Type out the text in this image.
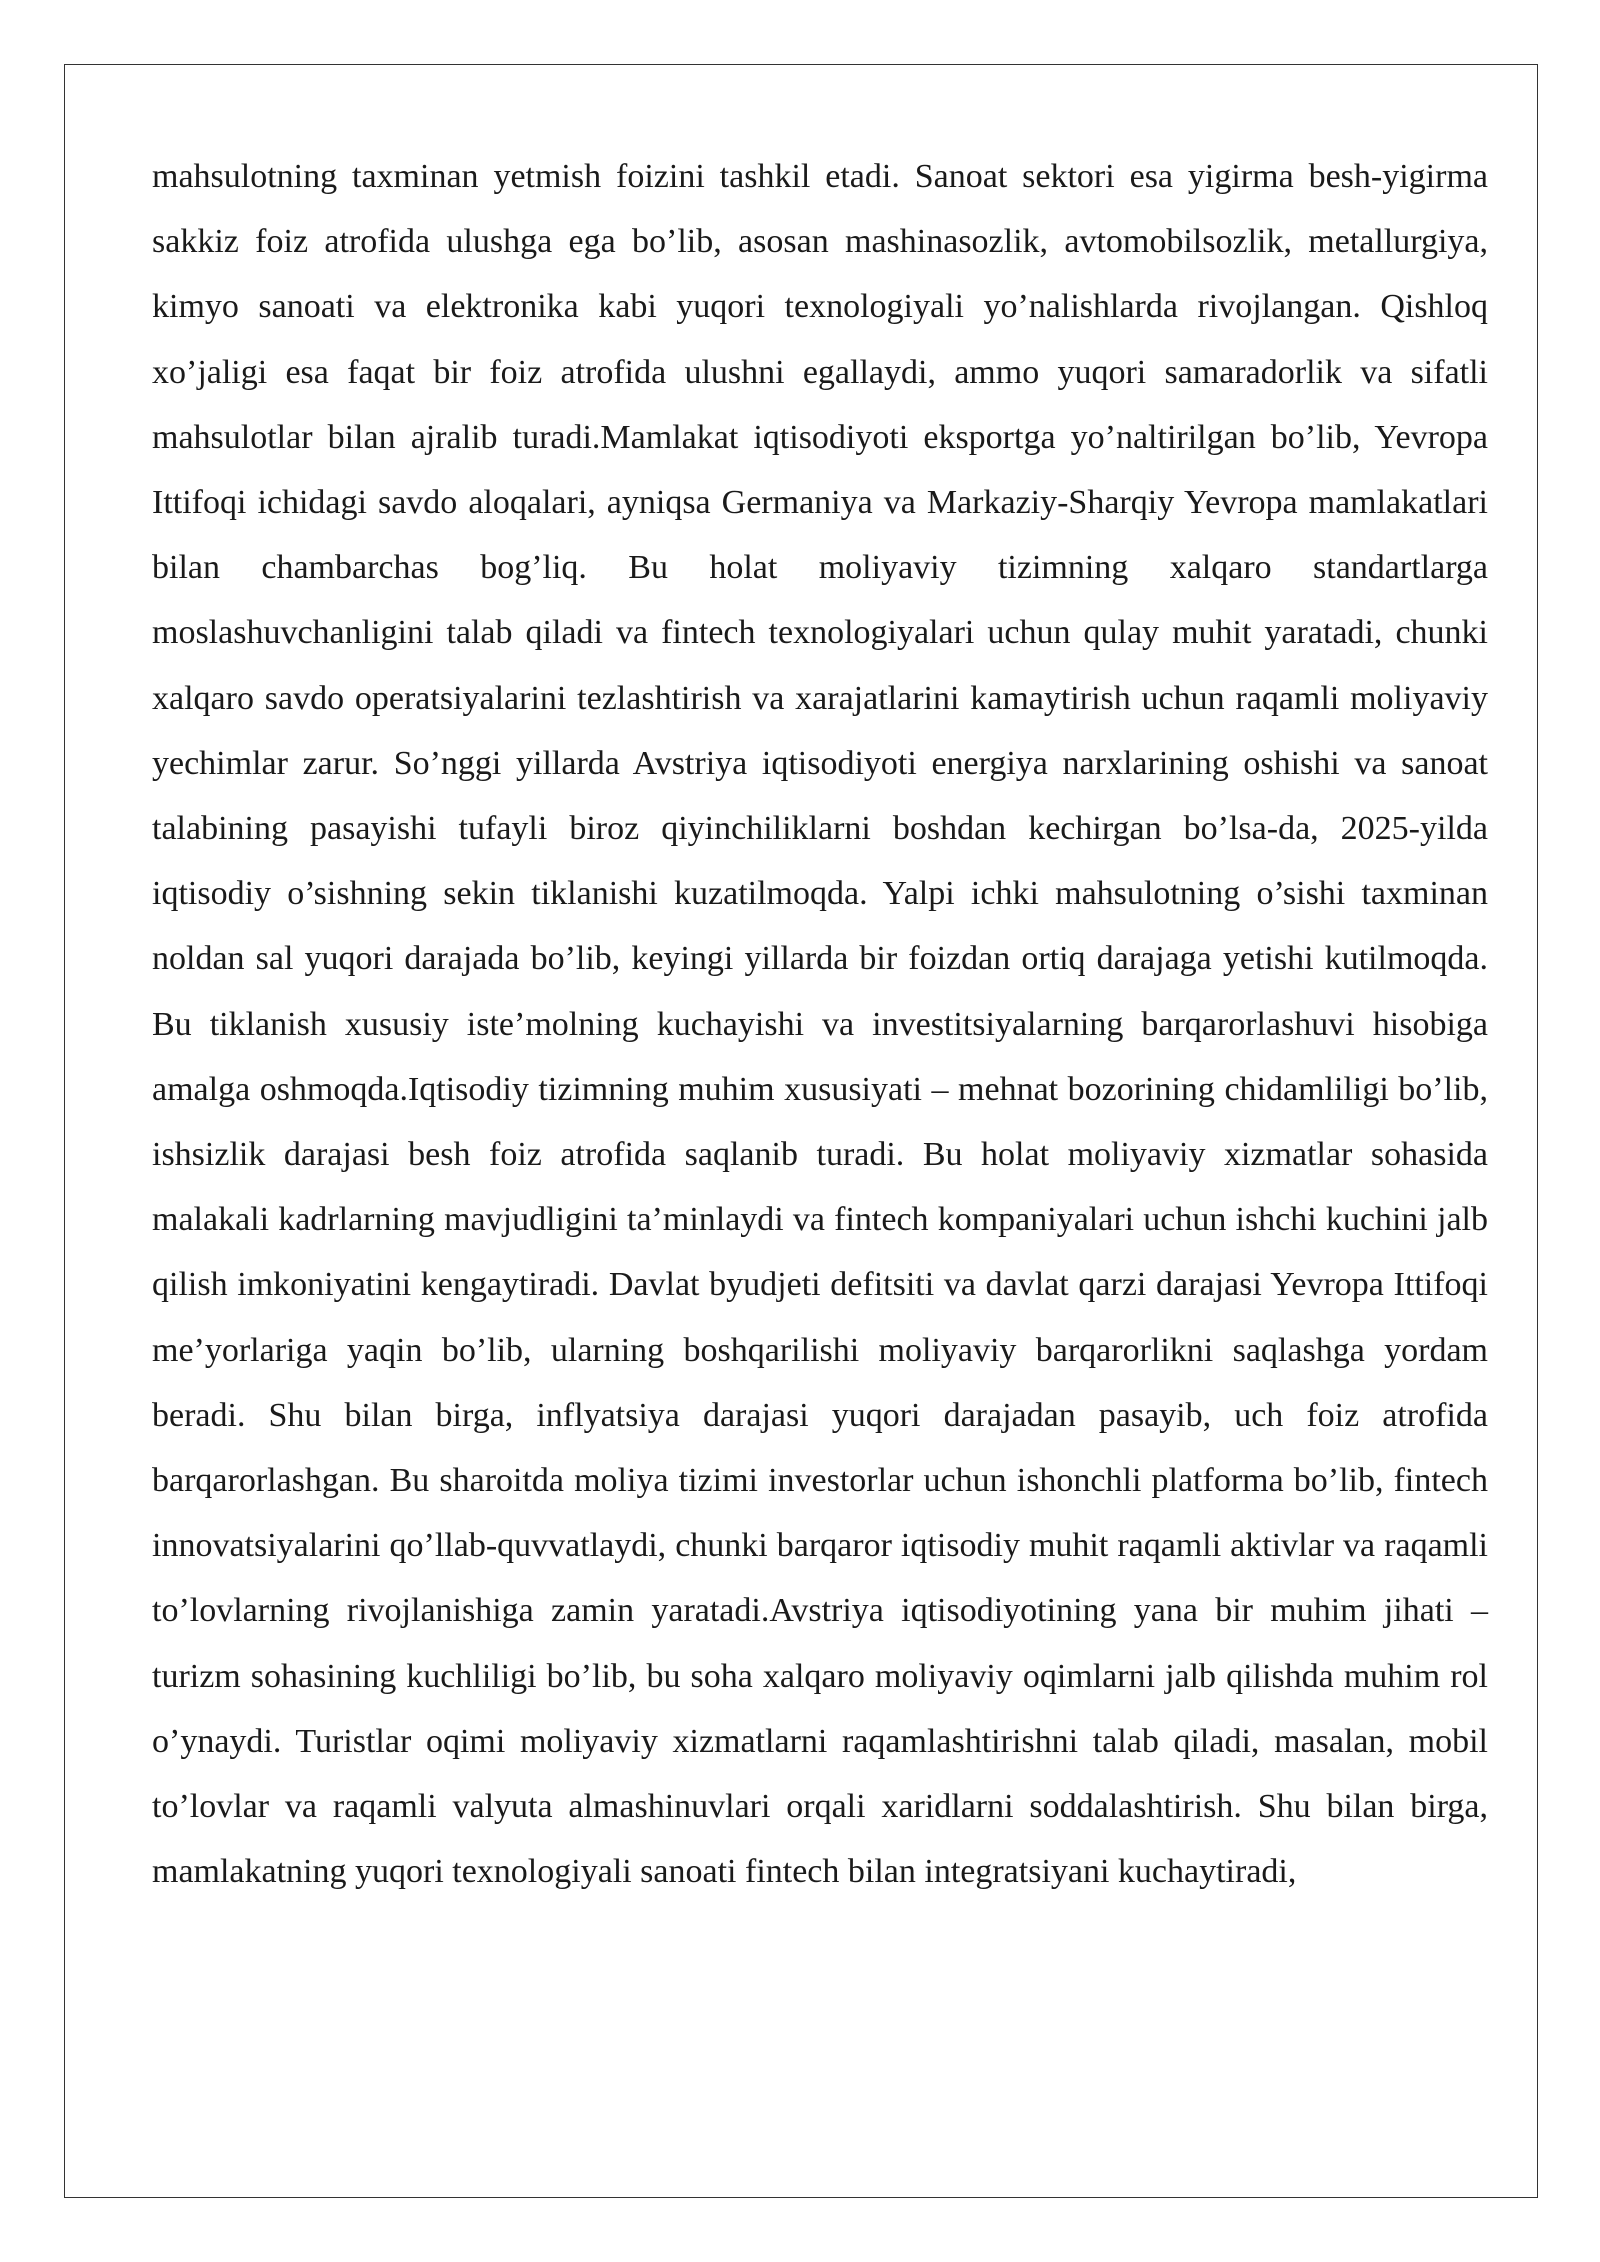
mahsulotning taxminan yetmish foizini tashkil etadi. Sanoat sektori esa yigirma besh-yigirma sakkiz foiz atrofida ulushga ega bo’lib, asosan mashinasozlik, avtomobilsozlik, metallurgiya, kimyo sanoati va elektronika kabi yuqori texnologiyali yo’nalishlarda rivojlangan. Qishloq xo’jaligi esa faqat bir foiz atrofida ulushni egallaydi, ammo yuqori samaradorlik va sifatli mahsulotlar bilan ajralib turadi.Mamlakat iqtisodiyoti eksportga yo’naltirilgan bo’lib, Yevropa Ittifoqi ichidagi savdo aloqalari, ayniqsa Germaniya va Markaziy-Sharqiy Yevropa mamlakatlari bilan chambarchas bog’liq. Bu holat moliyaviy tizimning xalqaro standartlarga moslashuvchanligini talab qiladi va fintech texnologiyalari uchun qulay muhit yaratadi, chunki xalqaro savdo operatsiyalarini tezlashtirish va xarajatlarini kamaytirish uchun raqamli moliyaviy yechimlar zarur. So’nggi yillarda Avstriya iqtisodiyoti energiya narxlarining oshishi va sanoat talabining pasayishi tufayli biroz qiyinchiliklarni boshdan kechirgan bo’lsa-da, 2025-yilda iqtisodiy o’sishning sekin tiklanishi kuzatilmoqda. Yalpi ichki mahsulotning o’sishi taxminan noldan sal yuqori darajada bo’lib, keyingi yillarda bir foizdan ortiq darajaga yetishi kutilmoqda. Bu tiklanish xususiy iste’molning kuchayishi va investitsiyalarning barqarorlashuvi hisobiga amalga oshmoqda.Iqtisodiy tizimning muhim xususiyati – mehnat bozorining chidamliligi bo’lib, ishsizlik darajasi besh foiz atrofida saqlanib turadi. Bu holat moliyaviy xizmatlar sohasida malakali kadrlarning mavjudligini ta’minlaydi va fintech kompaniyalari uchun ishchi kuchini jalb qilish imkoniyatini kengaytiradi. Davlat byudjeti defitsiti va davlat qarzi darajasi Yevropa Ittifoqi me’yorlariga yaqin bo’lib, ularning boshqarilishi moliyaviy barqarorlikni saqlashga yordam beradi. Shu bilan birga, inflyatsiya darajasi yuqori darajadan pasayib, uch foiz atrofida barqarorlashgan. Bu sharoitda moliya tizimi investorlar uchun ishonchli platforma bo’lib, fintech innovatsiyalarini qo’llab-quvvatlaydi, chunki barqaror iqtisodiy muhit raqamli aktivlar va raqamli to’lovlarning rivojlanishiga zamin yaratadi.Avstriya iqtisodiyotining yana bir muhim jihati – turizm sohasining kuchliligi bo’lib, bu soha xalqaro moliyaviy oqimlarni jalb qilishda muhim rol o’ynaydi. Turistlar oqimi moliyaviy xizmatlarni raqamlashtirishni talab qiladi, masalan, mobil to’lovlar va raqamli valyuta almashinuvlari orqali xaridlarni soddalashtirish. Shu bilan birga, mamlakatning yuqori texnologiyali sanoati fintech bilan integratsiyani kuchaytiradi,
